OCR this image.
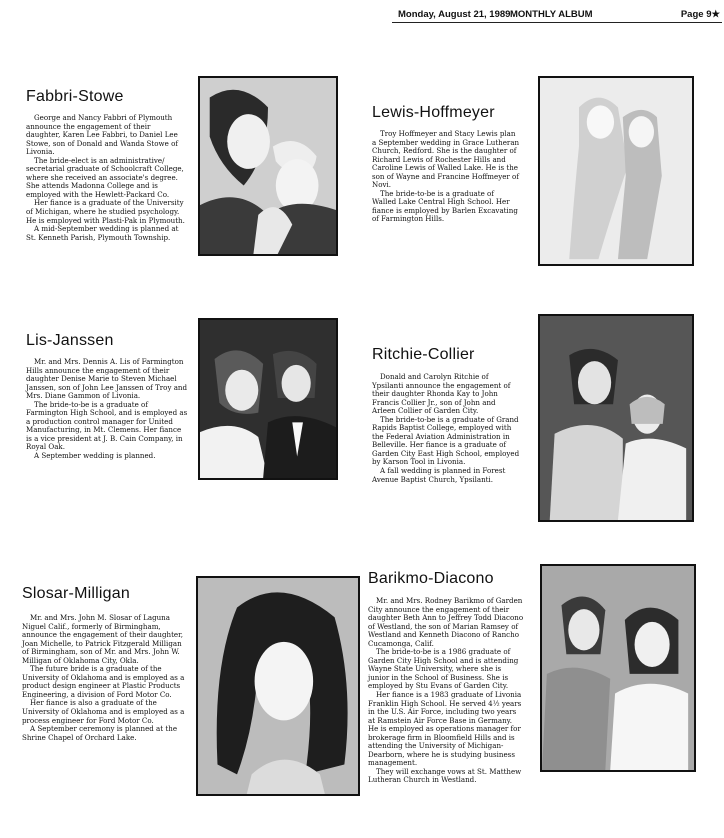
Monday, August 21, 1989 MONTHLY ALBUM	Page 9★
Fabbri-Stowe

George and Nancy Fabbri of Plymouth announce the engagement of their daughter, Karen Lee Fabbri, to Daniel Lee Stowe, son of Donald and Wanda Stowe of Livonia.

The bride-elect is an administrative/ secretarial graduate of Schoolcraft College, where she received an associate's degree. She attends Madonna College and is employed with the Hewlett-Packard Co.

Her fiance is a graduate of the University of Michigan, where he studied psychology. He is employed with Plasti-Pak in Plymouth.

A mid-September wedding is planned at St. Kenneth Parish, Plymouth Township.

Lewis-Hoffmeyer

Troy Hoffmeyer and Stacy Lewis plan a September wedding in Grace Lutheran Church, Redford. She is the daughter of Richard Lewis of Rochester Hills and Caroline Lewis of Walled Lake. He is the son of Wayne and Francine Hoffmeyer of Novi.

The bride-to-be is a graduate of Walled Lake Central High School. Her fiance is employed by Barlen Excavating of Farmington Hills.

Lis-Janssen

Mr. and Mrs. Dennis A. Lis of Farmington Hills announce the engagement of their daughter Denise Marie to Steven Michael Janssen, son of John Lee Janssen of Troy and Mrs. Diane Gammon of Livonia.

The bride-to-be is a graduate of Farmington High School, and is employed as a production control manager for United Manufacturing, in Mt. Clemens. Her fiance is a vice president at J. B. Cain Company, in Royal Oak.

A September wedding is planned.

Ritchie-Collier

Donald and Carolyn Ritchie of Ypsilanti announce the engagement of their daughter Rhonda Kay to John Francis Collier Jr., son of John and Arleen Collier of Garden City.

The bride-to-be is a graduate of Grand Rapids Baptist College, employed with the Federal Aviation Administration in Belleville. Her fiance is a graduate of Garden City East High School, employed by Karson Tool in Livonia.

A fall wedding is planned in Forest Avenue Baptist Church, Ypsilanti.

Slosar-Milligan

Mr. and Mrs. John M. Slosar of Laguna Niguel Calif., formerly of Birmingham, announce the engagement of their daughter, Joan Michelle, to Patrick Fitzgerald Milligan of Birmingham, son of Mr. and Mrs. John W. Milligan of Oklahoma City, Okla.

The future bride is a graduate of the University of Oklahoma and is employed as a product design engineer at Plastic Products Engineering, a division of Ford Motor Co.

Her fiance is also a graduate of the University of Oklahoma and is employed as a process engineer for Ford Motor Co.

A September ceremony is planned at the Shrine Chapel of Orchard Lake.

Barikmo-Diacono

Mr. and Mrs. Rodney Barikmo of Garden City announce the engagement of their daughter Beth Ann to Jeffrey Todd Diacono of Westland, the son of Marian Ramsey of Westland and Kenneth Diacono of Rancho Cucamonga, Calif.

The bride-to-be is a 1986 graduate of Garden City High School and is attending Wayne State University, where she is junior in the School of Business. She is employed by Stu Evans of Garden City.

Her fiance is a 1983 graduate of Livonia Franklin High School. He served 4½ years in the U.S. Air Force, including two years at Ramstein Air Force Base in Germany. He is employed as operations manager for brokerage firm in Bloomfield Hills and is attending the University of Michigan-Dearborn, where he is studying business management.

They will exchange vows at St. Matthew Lutheran Church in Westland.
